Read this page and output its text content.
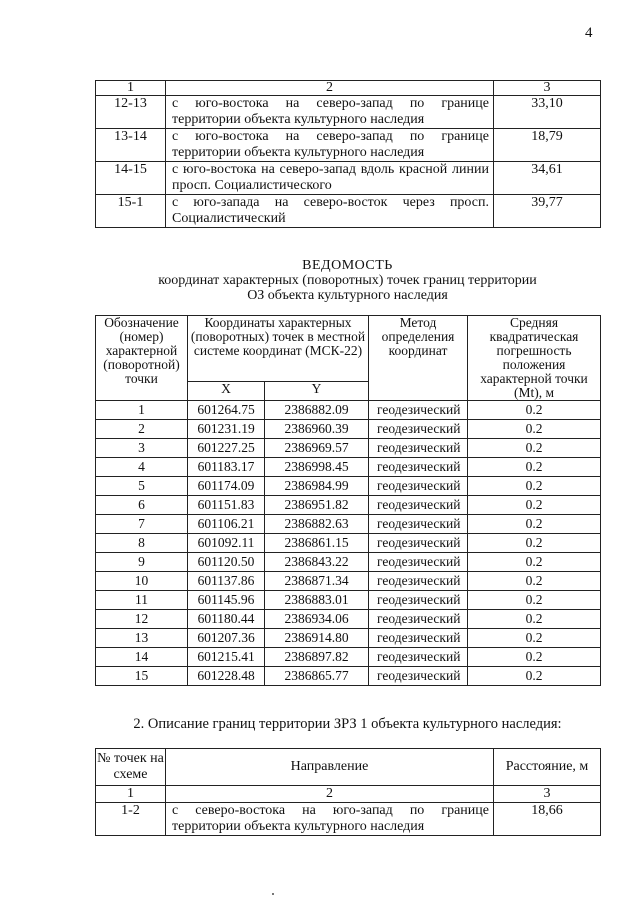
4
1	2	3
12-13	с юго-востока на северо-запад по границе территории объекта культурного наследия	33,10
13-14	с юго-востока на северо-запад по границе территории объекта культурного наследия	18,79
14-15	с юго-востока на северо-запад вдоль красной линии просп. Социалистического	34,61
15-1	с юго-запада на северо-восток через просп. Социалистический	39,77
ВЕДОМОСТЬ
координат характерных (поворотных) точек границ территории
ОЗ объекта культурного наследия
Обозначение (номер) характерной (поворотной) точки	Координаты характерных (поворотных) точек в местной системе координат (МСК-22)		Метод определения координат	Средняя квадратическая погрешность положения характерной точки (Mt), м
	X	Y		
1	601264.75	2386882.09	геодезический	0.2
2	601231.19	2386960.39	геодезический	0.2
3	601227.25	2386969.57	геодезический	0.2
4	601183.17	2386998.45	геодезический	0.2
5	601174.09	2386984.99	геодезический	0.2
6	601151.83	2386951.82	геодезический	0.2
7	601106.21	2386882.63	геодезический	0.2
8	601092.11	2386861.15	геодезический	0.2
9	601120.50	2386843.22	геодезический	0.2
10	601137.86	2386871.34	геодезический	0.2
11	601145.96	2386883.01	геодезический	0.2
12	601180.44	2386934.06	геодезический	0.2
13	601207.36	2386914.80	геодезический	0.2
14	601215.41	2386897.82	геодезический	0.2
15	601228.48	2386865.77	геодезический	0.2
2. Описание границ территории ЗРЗ 1 объекта культурного наследия:
№ точек на схеме	Направление	Расстояние, м
1	2	3
1-2	с северо-востока на юго-запад по границе территории объекта культурного наследия	18,66
